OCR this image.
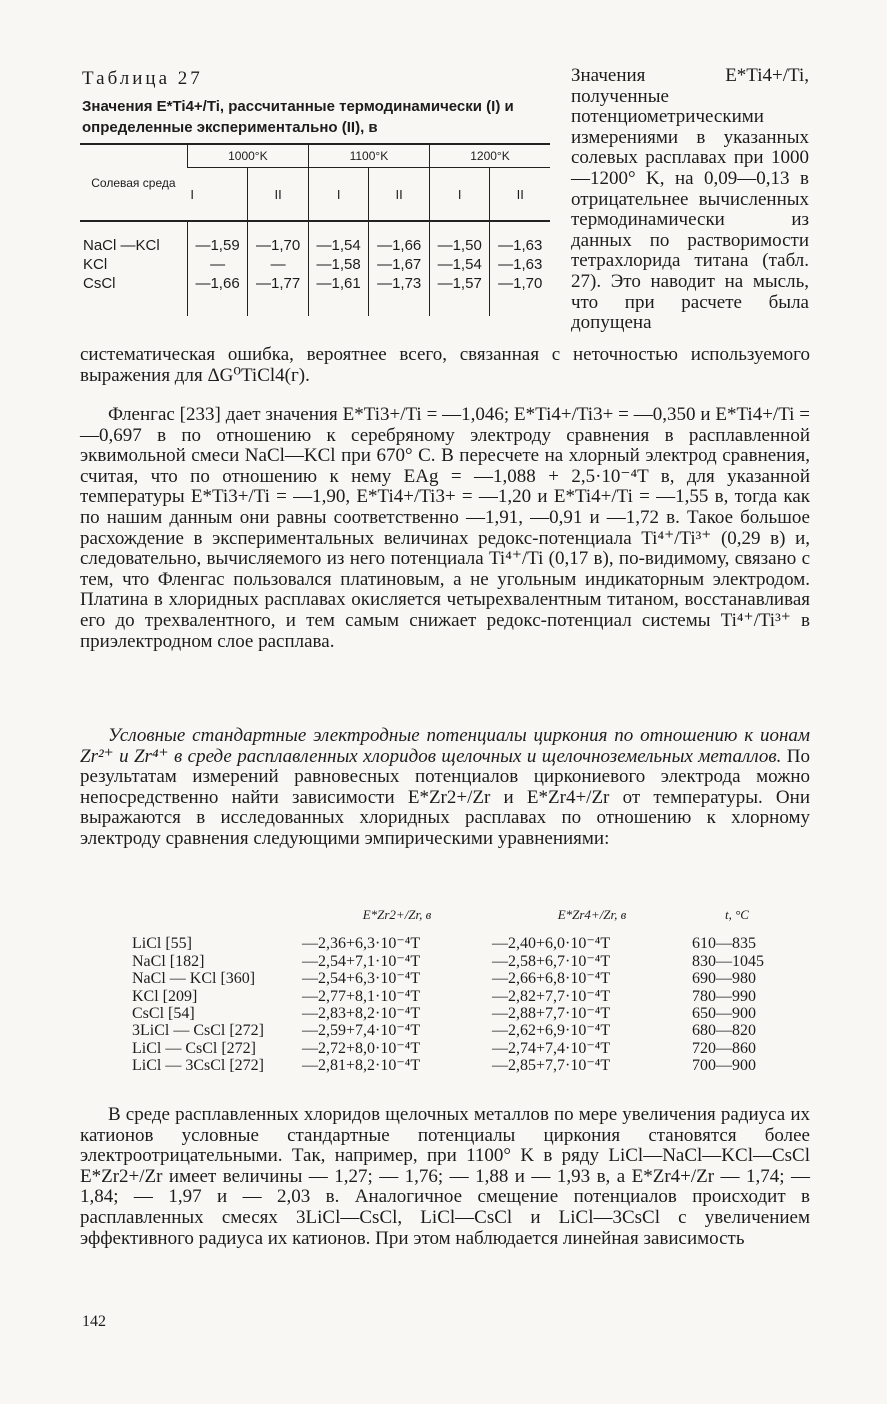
Таблица 27
Значения E*Ti4+/Ti, рассчитанные термодинамически (I) и определенные экспериментально (II), в
Солевая среда	1000°K		1100°K		1200°K	
	I	II	I	II	I	II
NaCl —KCl	—1,59	—1,70	—1,54	—1,66	—1,50	—1,63
KCl	—	—	—1,58	—1,67	—1,54	—1,63
CsCl	—1,66	—1,77	—1,61	—1,73	—1,57	—1,70
Значения E*Ti4+/Ti, полученные потенциометрическими измерениями в указанных солевых расплавах при 1000—1200° K, на 0,09—0,13 в отрицательнее вычисленных термодинамически из данных по растворимости тетрахлорида титана (табл. 27). Это наводит на мысль, что при расчете была допущена
систематическая ошибка, вероятнее всего, связанная с неточностью используемого выражения для ΔG⁰TiCl4(г).
Фленгас [233] дает значения E*Ti3+/Ti = —1,046; E*Ti4+/Ti3+ = —0,350 и E*Ti4+/Ti = —0,697 в по отношению к серебряному электроду сравнения в расплавленной эквимольной смеси NaCl—KCl при 670° C. В пересчете на хлорный электрод сравнения, считая, что по отношению к нему EAg = —1,088 + 2,5·10⁻⁴T в, для указанной температуры E*Ti3+/Ti = —1,90, E*Ti4+/Ti3+ = —1,20 и E*Ti4+/Ti = —1,55 в, тогда как по нашим данным они равны соответственно —1,91, —0,91 и —1,72 в. Такое большое расхождение в экспериментальных величинах редокс-потенциала Ti⁴⁺/Ti³⁺ (0,29 в) и, следовательно, вычисляемого из него потенциала Ti⁴⁺/Ti (0,17 в), по-видимому, связано с тем, что Фленгас пользовался платиновым, а не угольным индикаторным электродом. Платина в хлоридных расплавах окисляется четырехвалентным титаном, восстанавливая его до трехвалентного, и тем самым снижает редокс-потенциал системы Ti⁴⁺/Ti³⁺ в приэлектродном слое расплава.
Условные стандартные электродные потенциалы циркония по отношению к ионам Zr²⁺ и Zr⁴⁺ в среде расплавленных хлоридов щелочных и щелочноземельных металлов. По результатам измерений равновесных потенциалов циркониевого электрода можно непосредственно найти зависимости E*Zr2+/Zr и E*Zr4+/Zr от температуры. Они выражаются в исследованных хлоридных расплавах по отношению к хлорному электроду сравнения следующими эмпирическими уравнениями:
	E*Zr2+/Zr, в	E*Zr4+/Zr, в	t, °C
LiCl [55]	—2,36+6,3·10⁻⁴T	—2,40+6,0·10⁻⁴T	610—835
NaCl [182]	—2,54+7,1·10⁻⁴T	—2,58+6,7·10⁻⁴T	830—1045
NaCl — KCl [360]	—2,54+6,3·10⁻⁴T	—2,66+6,8·10⁻⁴T	690—980
KCl [209]	—2,77+8,1·10⁻⁴T	—2,82+7,7·10⁻⁴T	780—990
CsCl [54]	—2,83+8,2·10⁻⁴T	—2,88+7,7·10⁻⁴T	650—900
3LiCl — CsCl [272]	—2,59+7,4·10⁻⁴T	—2,62+6,9·10⁻⁴T	680—820
LiCl — CsCl [272]	—2,72+8,0·10⁻⁴T	—2,74+7,4·10⁻⁴T	720—860
LiCl — 3CsCl [272]	—2,81+8,2·10⁻⁴T	—2,85+7,7·10⁻⁴T	700—900
В среде расплавленных хлоридов щелочных металлов по мере увеличения радиуса их катионов условные стандартные потенциалы циркония становятся более электроотрицательными. Так, например, при 1100° K в ряду LiCl—NaCl—KCl—CsCl E*Zr2+/Zr имеет величины — 1,27; — 1,76; — 1,88 и — 1,93 в, а E*Zr4+/Zr — 1,74; — 1,84; — 1,97 и — 2,03 в. Аналогичное смещение потенциалов происходит в расплавленных смесях 3LiCl—CsCl, LiCl—CsCl и LiCl—3CsCl с увеличением эффективного радиуса их катионов. При этом наблюдается линейная зависимость
142
